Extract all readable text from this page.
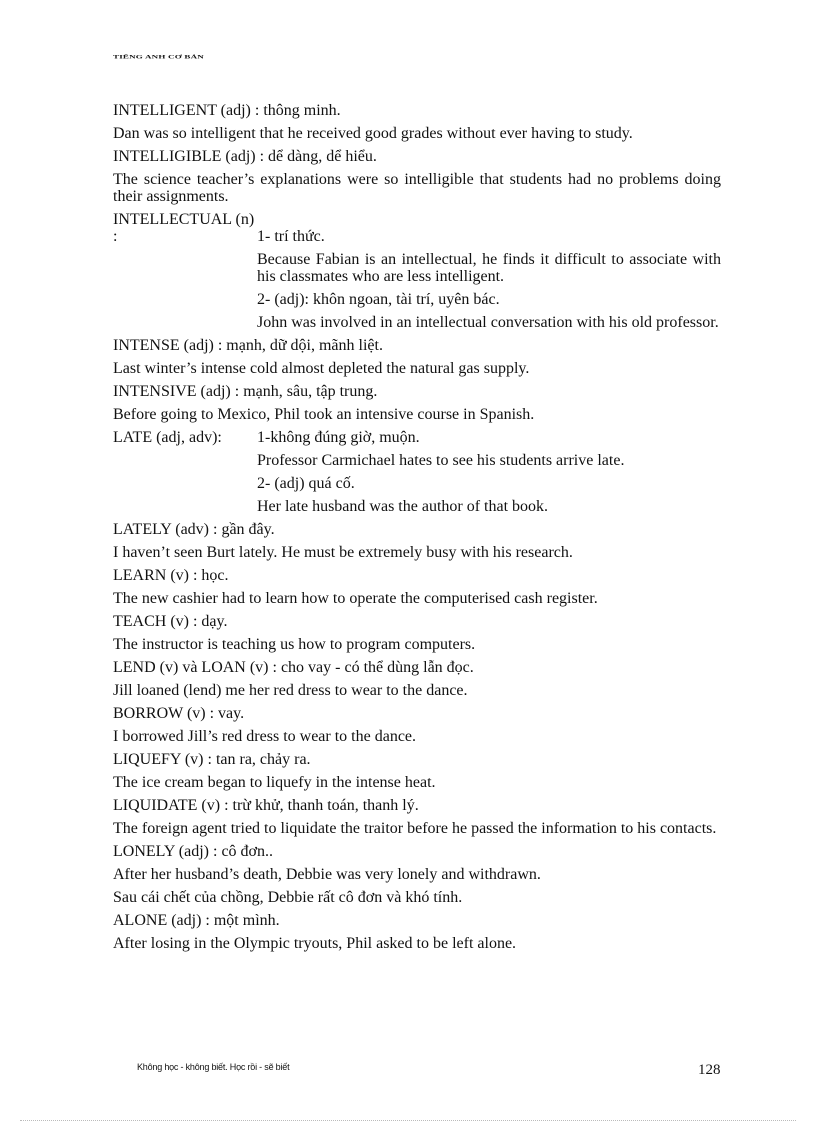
TIẾNG ANH CƠ BẢN

INTELLIGENT (adj) : thông minh.

Dan was so intelligent that he received good grades without ever having to study.

INTELLIGIBLE (adj) : dể dàng, dể hiểu.

The science teacher’s explanations were so intelligible that students had no problems doing their assignments.

INTELLECTUAL (n) :	1- trí thức.

Because Fabian is an intellectual, he finds it difficult to associate with his classmates who are less intelligent.

2- (adj): khôn ngoan, tài trí, uyên bác.

John was involved in an intellectual conversation with his old professor.

INTENSE (adj) : mạnh, dữ dội, mãnh liệt.

Last winter’s intense cold almost depleted the natural gas supply.

INTENSIVE (adj) : mạnh, sâu, tập trung.

Before going to Mexico, Phil took an intensive course in Spanish.

LATE (adj, adv): 1-không đúng giờ, muộn.

Professor Carmichael hates to see his students arrive late.

2- (adj) quá cố.

Her late husband was the author of that book.

LATELY (adv) : gần đây.

I haven’t seen Burt lately. He must be extremely busy with his research.

LEARN (v) : học.

The new cashier had to learn how to operate the computerised cash register.

TEACH (v) : dạy.

The instructor is teaching us how to program computers.

LEND (v) và LOAN (v) : cho vay - có thể dùng lẫn đọc.

Jill loaned (lend) me her red dress to wear to the dance.

BORROW (v) : vay.

I borrowed Jill’s red dress to wear to the dance.

LIQUEFY (v) : tan ra, chảy ra.

The ice cream began to liquefy in the intense heat.

LIQUIDATE (v) : trừ khử, thanh toán, thanh lý.

The foreign agent tried to liquidate the traitor before he passed the information to his contacts.

LONELY (adj) : cô đơn..

After her husband’s death, Debbie was very lonely and withdrawn.

Sau cái chết của chồng, Debbie rất cô đơn và khó tính.

ALONE (adj) : một mình.

After losing in the Olympic tryouts, Phil asked to be left alone.

Không học - không biết. Học rồi - sẽ biết	128
